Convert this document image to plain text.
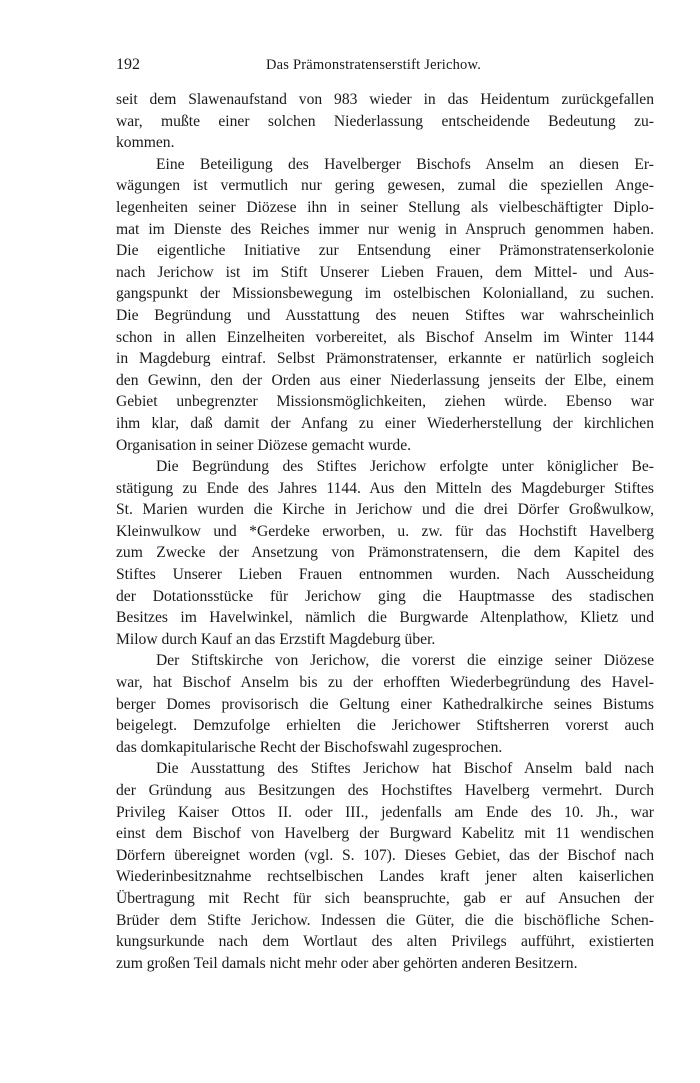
192	Das Prämonstratenserstift Jerichow.

seit dem Slawenaufstand von 983 wieder in das Heidentum zurückgefallen
war, mußte einer solchen Niederlassung entscheidende Bedeutung zu-
kommen.

Eine Beteiligung des Havelberger Bischofs Anselm an diesen Er-
wägungen ist vermutlich nur gering gewesen, zumal die speziellen Ange-
legenheiten seiner Diözese ihn in seiner Stellung als vielbeschäftigter Diplo-
mat im Dienste des Reiches immer nur wenig in Anspruch genommen haben.
Die eigentliche Initiative zur Entsendung einer Prämonstratenserkolonie
nach Jerichow ist im Stift Unserer Lieben Frauen, dem Mittel- und Aus-
gangspunkt der Missionsbewegung im ostelbischen Kolonialland, zu suchen.
Die Begründung und Ausstattung des neuen Stiftes war wahrscheinlich
schon in allen Einzelheiten vorbereitet, als Bischof Anselm im Winter 1144
in Magdeburg eintraf. Selbst Prämonstratenser, erkannte er natürlich sogleich
den Gewinn, den der Orden aus einer Niederlassung jenseits der Elbe, einem
Gebiet unbegrenzter Missionsmöglichkeiten, ziehen würde. Ebenso war
ihm klar, daß damit der Anfang zu einer Wiederherstellung der kirchlichen
Organisation in seiner Diözese gemacht wurde.

Die Begründung des Stiftes Jerichow erfolgte unter königlicher Be-
stätigung zu Ende des Jahres 1144. Aus den Mitteln des Magdeburger Stiftes
St. Marien wurden die Kirche in Jerichow und die drei Dörfer Großwulkow,
Kleinwulkow und *Gerdeke erworben, u. zw. für das Hochstift Havelberg
zum Zwecke der Ansetzung von Prämonstratensern, die dem Kapitel des
Stiftes Unserer Lieben Frauen entnommen wurden. Nach Ausscheidung
der Dotationsstücke für Jerichow ging die Hauptmasse des stadischen
Besitzes im Havelwinkel, nämlich die Burgwarde Altenplathow, Klietz und
Milow durch Kauf an das Erzstift Magdeburg über.

Der Stiftskirche von Jerichow, die vorerst die einzige seiner Diözese
war, hat Bischof Anselm bis zu der erhofften Wiederbegründung des Havel-
berger Domes provisorisch die Geltung einer Kathedralkirche seines Bistums
beigelegt. Demzufolge erhielten die Jerichower Stiftsherren vorerst auch
das domkapitularische Recht der Bischofswahl zugesprochen.

Die Ausstattung des Stiftes Jerichow hat Bischof Anselm bald nach
der Gründung aus Besitzungen des Hochstiftes Havelberg vermehrt. Durch
Privileg Kaiser Ottos II. oder III., jedenfalls am Ende des 10. Jh., war
einst dem Bischof von Havelberg der Burgward Kabelitz mit 11 wendischen
Dörfern übereignet worden (vgl. S. 107). Dieses Gebiet, das der Bischof nach
Wiederinbesitznahme rechtselbischen Landes kraft jener alten kaiserlichen
Übertragung mit Recht für sich beanspruchte, gab er auf Ansuchen der
Brüder dem Stifte Jerichow. Indessen die Güter, die die bischöfliche Schen-
kungsurkunde nach dem Wortlaut des alten Privilegs aufführt, existierten
zum großen Teil damals nicht mehr oder aber gehörten anderen Besitzern.
